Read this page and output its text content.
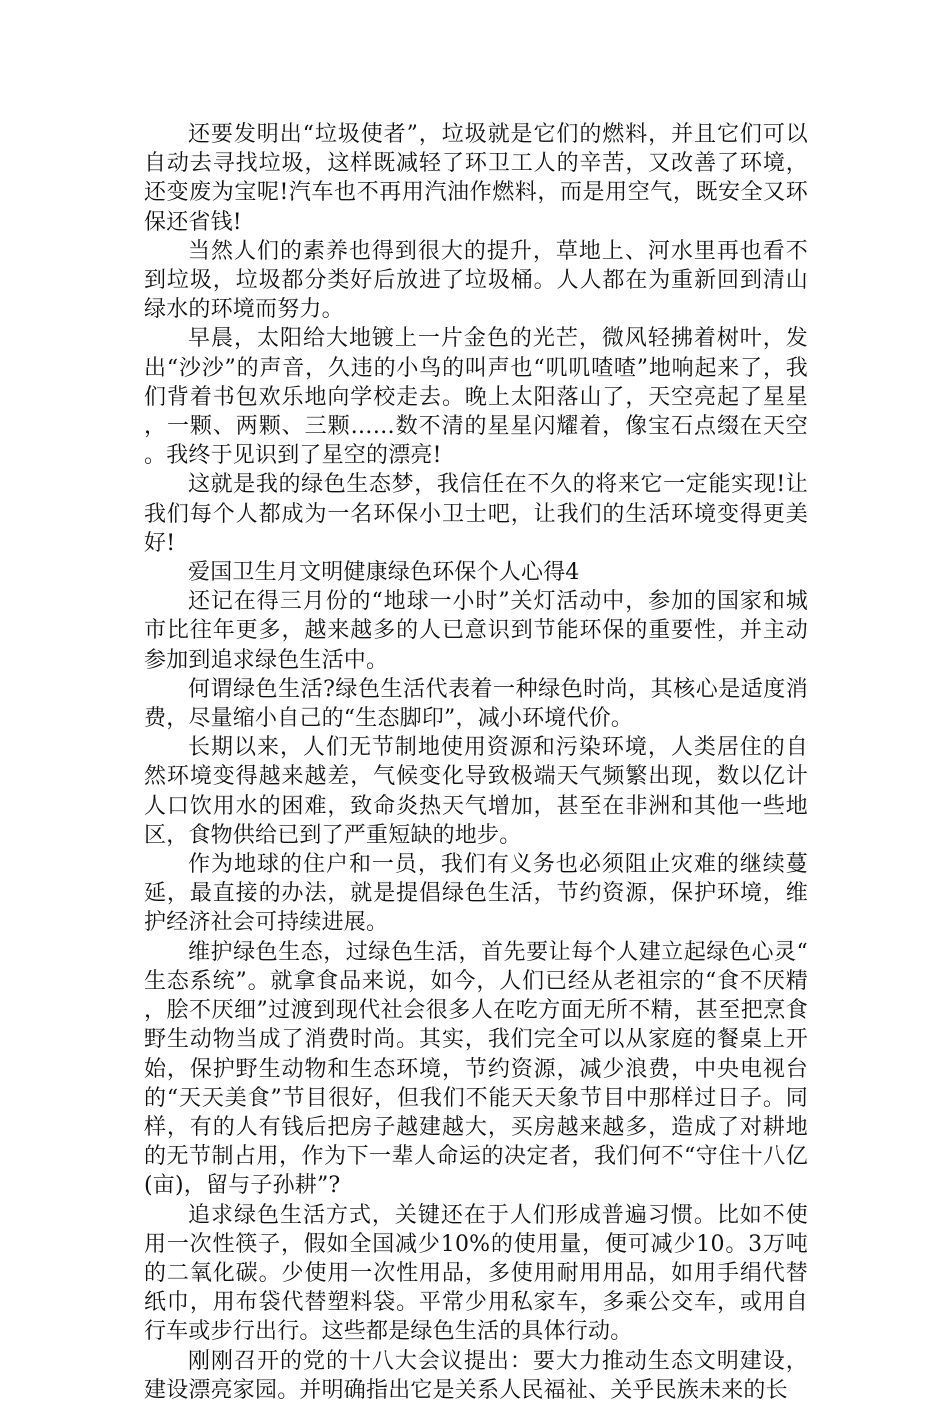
还要发明出“垃圾使者”，垃圾就是它们的燃料，并且它们可以自动去寻找垃圾，这样既减轻了环卫工人的辛苦，又改善了环境，还变废为宝呢!汽车也不再用汽油作燃料，而是用空气，既安全又环保还省钱!

当然人们的素养也得到很大的提升，草地上、河水里再也看不到垃圾，垃圾都分类好后放进了垃圾桶。人人都在为重新回到清山绿水的环境而努力。

早晨，太阳给大地镀上一片金色的光芒，微风轻拂着树叶，发出“沙沙”的声音，久违的小鸟的叫声也“叽叽喳喳”地响起来了，我们背着书包欢乐地向学校走去。晚上太阳落山了，天空亮起了星星，一颗、两颗、三颗……数不清的星星闪耀着，像宝石点缀在天空。我终于见识到了星空的漂亮!

这就是我的绿色生态梦，我信任在不久的将来它一定能实现!让我们每个人都成为一名环保小卫士吧，让我们的生活环境变得更美好!

爱国卫生月文明健康绿色环保个人心得4

还记在得三月份的“地球一小时”关灯活动中，参加的国家和城市比往年更多，越来越多的人已意识到节能环保的重要性，并主动参加到追求绿色生活中。

何谓绿色生活?绿色生活代表着一种绿色时尚，其核心是适度消费，尽量缩小自己的“生态脚印”，减小环境代价。

长期以来，人们无节制地使用资源和污染环境，人类居住的自然环境变得越来越差，气候变化导致极端天气频繁出现，数以亿计人口饮用水的困难，致命炎热天气增加，甚至在非洲和其他一些地区，食物供给已到了严重短缺的地步。

作为地球的住户和一员，我们有义务也必须阻止灾难的继续蔓延，最直接的办法，就是提倡绿色生活，节约资源，保护环境，维护经济社会可持续进展。

维护绿色生态，过绿色生活，首先要让每个人建立起绿色心灵“生态系统”。就拿食品来说，如今，人们已经从老祖宗的“食不厌精，脍不厌细”过渡到现代社会很多人在吃方面无所不精，甚至把烹食野生动物当成了消费时尚。其实，我们完全可以从家庭的餐桌上开始，保护野生动物和生态环境，节约资源，减少浪费，中央电视台的“天天美食”节目很好，但我们不能天天象节目中那样过日子。同样，有的人有钱后把房子越建越大，买房越来越多，造成了对耕地的无节制占用，作为下一辈人命运的决定者，我们何不“守住十八亿(亩)，留与子孙耕”?

追求绿色生活方式，关键还在于人们形成普遍习惯。比如不使用一次性筷子，假如全国减少10%的使用量，便可减少10。3万吨的二氧化碳。少使用一次性用品，多使用耐用用品，如用手绢代替纸巾，用布袋代替塑料袋。平常少用私家车，多乘公交车，或用自行车或步行出行。这些都是绿色生活的具体行动。

刚刚召开的党的十八大会议提出：要大力推动生态文明建设，建设漂亮家园。并明确指出它是关系人民福祉、关乎民族未来的长
